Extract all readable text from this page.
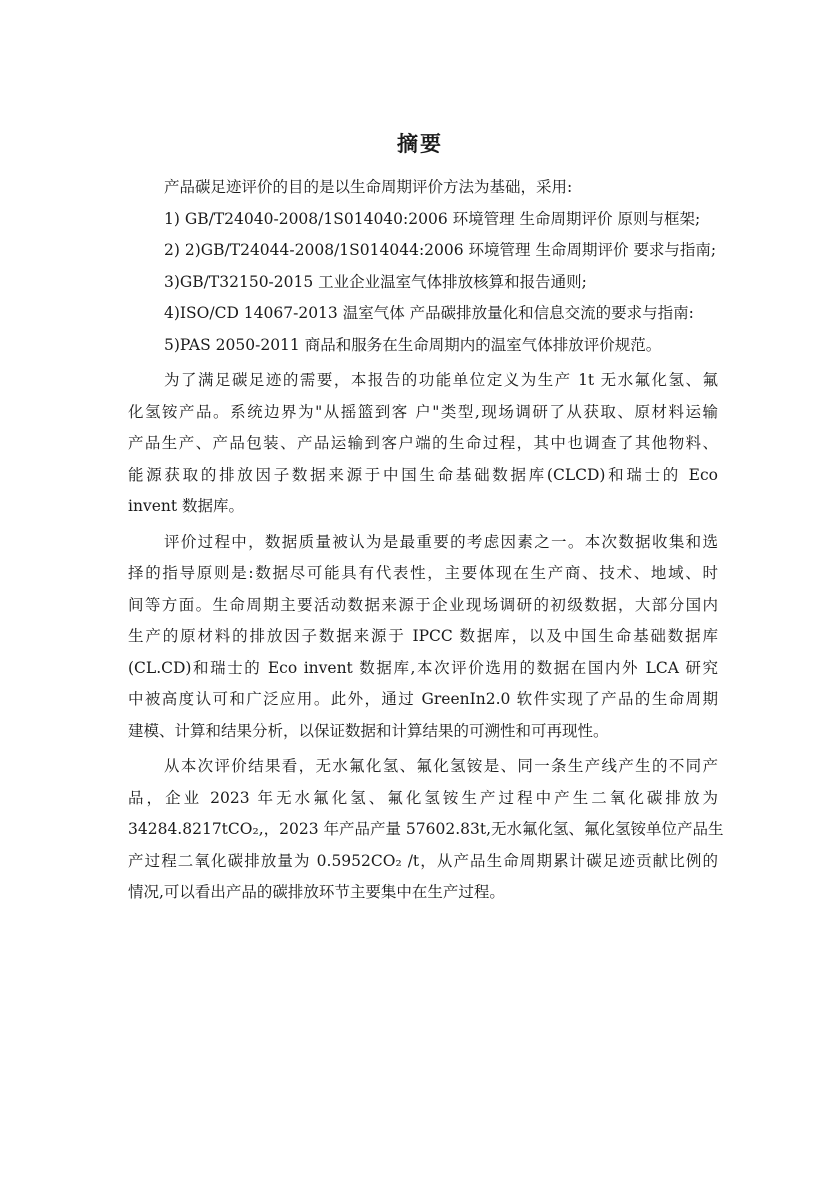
摘要
产品碳足迹评价的目的是以生命周期评价方法为基础，采用:
1) GB/T24040-2008/1S014040:2006 环境管理 生命周期评价 原则与框架;
2) 2)GB/T24044-2008/1S014044:2006 环境管理 生命周期评价 要求与指南;
3)GB/T32150-2015 工业企业温室气体排放核算和报告通则;
4)ISO/CD 14067-2013 温室气体 产品碳排放量化和信息交流的要求与指南:
5)PAS 2050-2011 商品和服务在生命周期内的温室气体排放评价规范。
为了满足碳足迹的需要，本报告的功能单位定义为生产 1t 无水氟化氢、氟
化氢铵产品。系统边界为"从摇篮到客 户"类型,现场调研了从获取、原材料运输
产品生产、产品包装、产品运输到客户端的生命过程，其中也调查了其他物料、
能源获取的排放因子数据来源于中国生命基础数据库(CLCD)和瑞士的 Eco
invent 数据库。
评价过程中，数据质量被认为是最重要的考虑因素之一。本次数据收集和选
择的指导原则是:数据尽可能具有代表性，主要体现在生产商、技术、地域、时
间等方面。生命周期主要活动数据来源于企业现场调研的初级数据，大部分国内
生产的原材料的排放因子数据来源于 IPCC 数据库，以及中国生命基础数据库
(CL.CD)和瑞士的 Eco invent 数据库,本次评价选用的数据在国内外 LCA 研究
中被高度认可和广泛应用。此外，通过 GreenIn2.0 软件实现了产品的生命周期
建模、计算和结果分析，以保证数据和计算结果的可溯性和可再现性。
从本次评价结果看，无水氟化氢、氟化氢铵是、同一条生产线产生的不同产
品，企业 2023 年无水氟化氢、氟化氢铵生产过程中产生二氧化碳排放为
34284.8217tCO₂,，2023 年产品产量 57602.83t,无水氟化氢、氟化氢铵单位产品生
产过程二氧化碳排放量为 0.5952CO₂ /t，从产品生命周期累计碳足迹贡献比例的
情况,可以看出产品的碳排放环节主要集中在生产过程。
